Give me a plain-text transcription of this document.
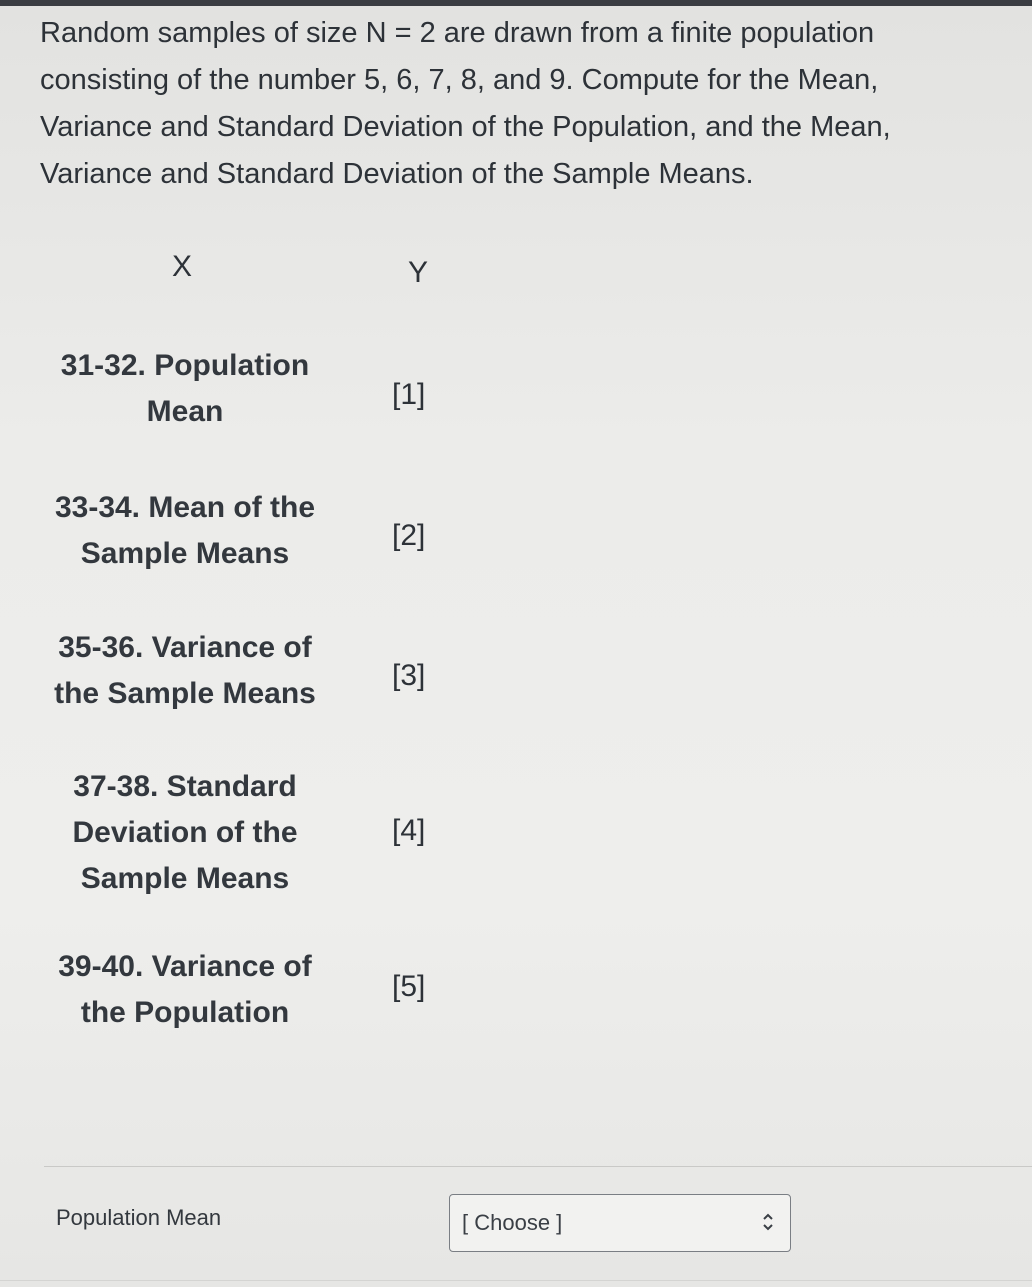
Random samples of size N = 2 are drawn from a finite population consisting of the number 5, 6, 7, 8, and 9. Compute for the Mean, Variance and Standard Deviation of the Population, and the Mean, Variance and Standard Deviation of the Sample Means.

X	Y
31-32. Population
Mean
[1]
33-34. Mean of the
Sample Means
[2]
35-36. Variance of
the Sample Means
[3]
37-38. Standard
Deviation of the
Sample Means
[4]
39-40. Variance of
the Population
[5]
Population Mean	[ Choose ]
